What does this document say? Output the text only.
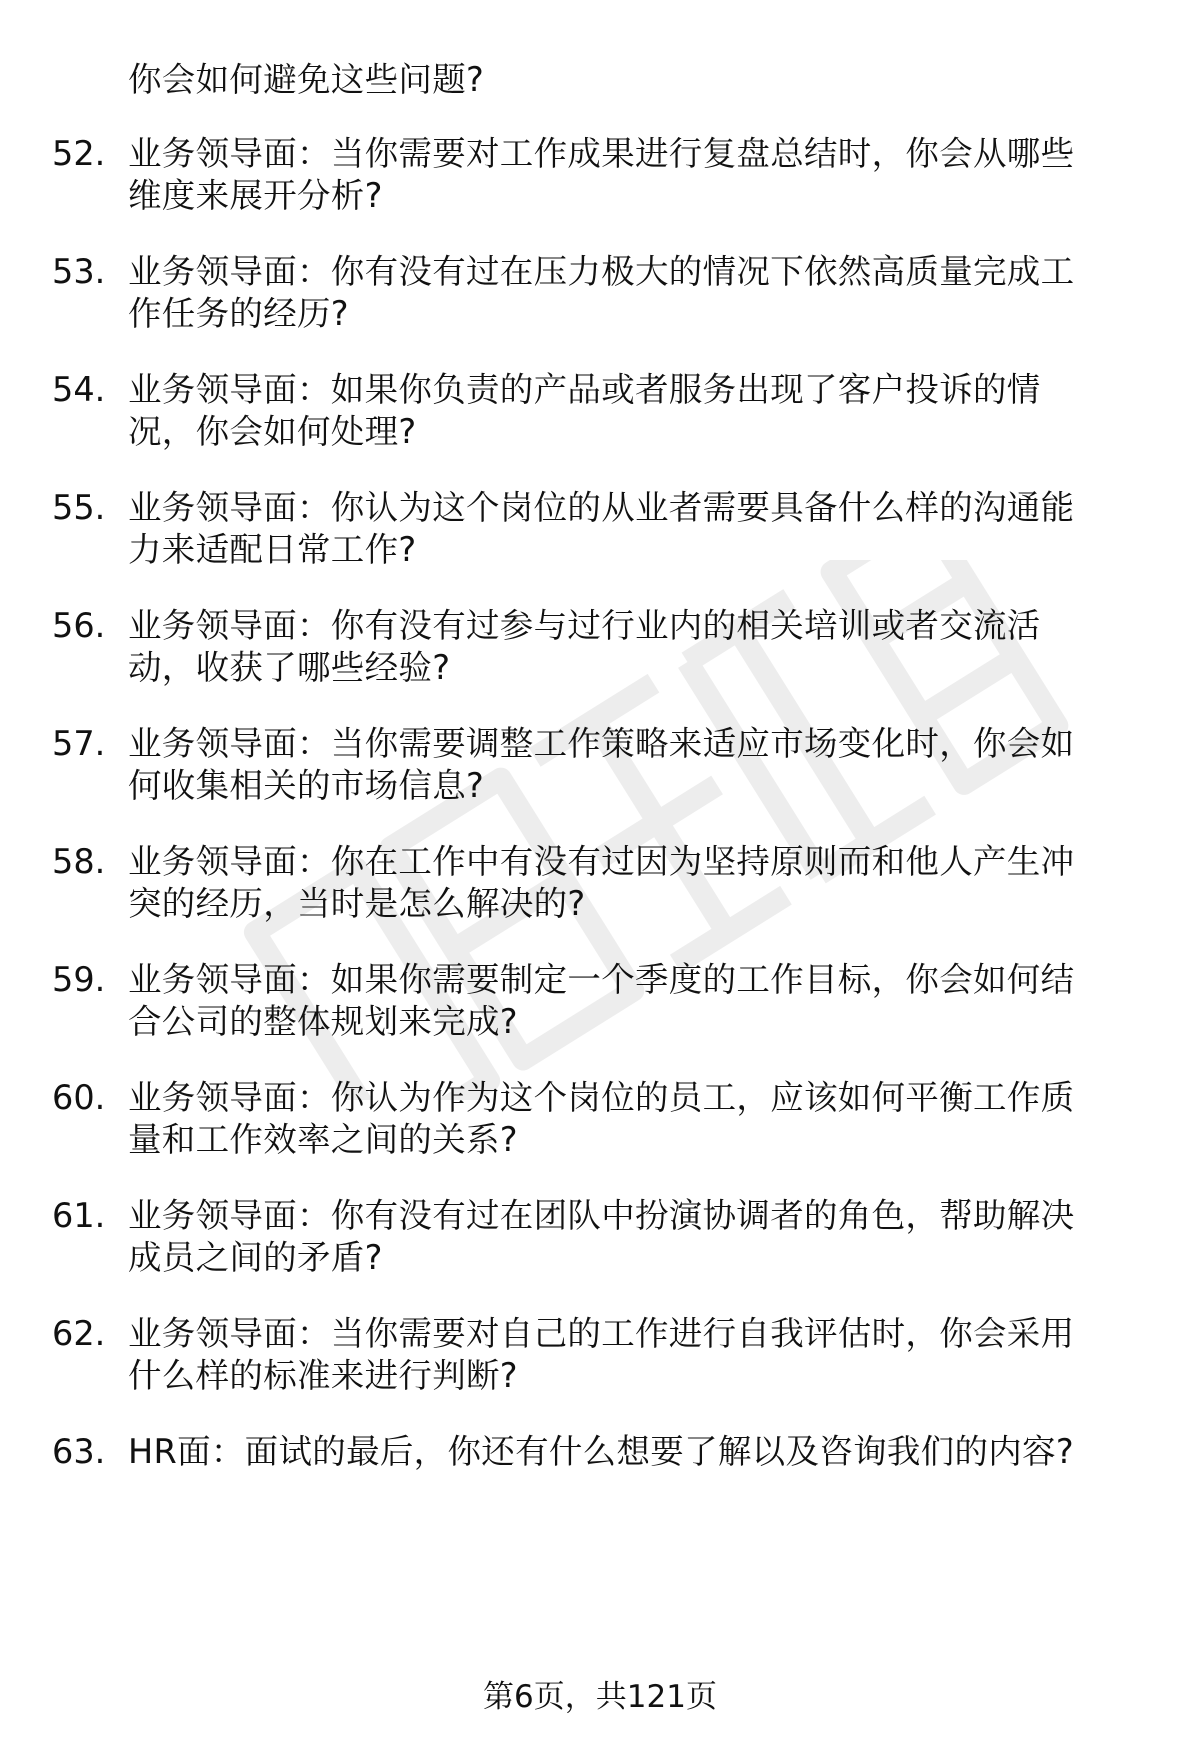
你会如何避免这些问题?
52. 业务领导面：当你需要对工作成果进行复盘总结时，你会从哪些
维度来展开分析?
53. 业务领导面：你有没有过在压力极大的情况下依然高质量完成工
作任务的经历?
54. 业务领导面：如果你负责的产品或者服务出现了客户投诉的情
况，你会如何处理?
55. 业务领导面：你认为这个岗位的从业者需要具备什么样的沟通能
力来适配日常工作?
56. 业务领导面：你有没有过参与过行业内的相关培训或者交流活
动，收获了哪些经验?
57. 业务领导面：当你需要调整工作策略来适应市场变化时，你会如
何收集相关的市场信息?
58. 业务领导面：你在工作中有没有过因为坚持原则而和他人产生冲
突的经历，当时是怎么解决的?
59. 业务领导面：如果你需要制定一个季度的工作目标，你会如何结
合公司的整体规划来完成?
60. 业务领导面：你认为作为这个岗位的员工，应该如何平衡工作质
量和工作效率之间的关系?
61. 业务领导面：你有没有过在团队中扮演协调者的角色，帮助解决
成员之间的矛盾?
62. 业务领导面：当你需要对自己的工作进行自我评估时，你会采用
什么样的标准来进行判断?
63. HR面：面试的最后，你还有什么想要了解以及咨询我们的内容?
第6页，共121页
